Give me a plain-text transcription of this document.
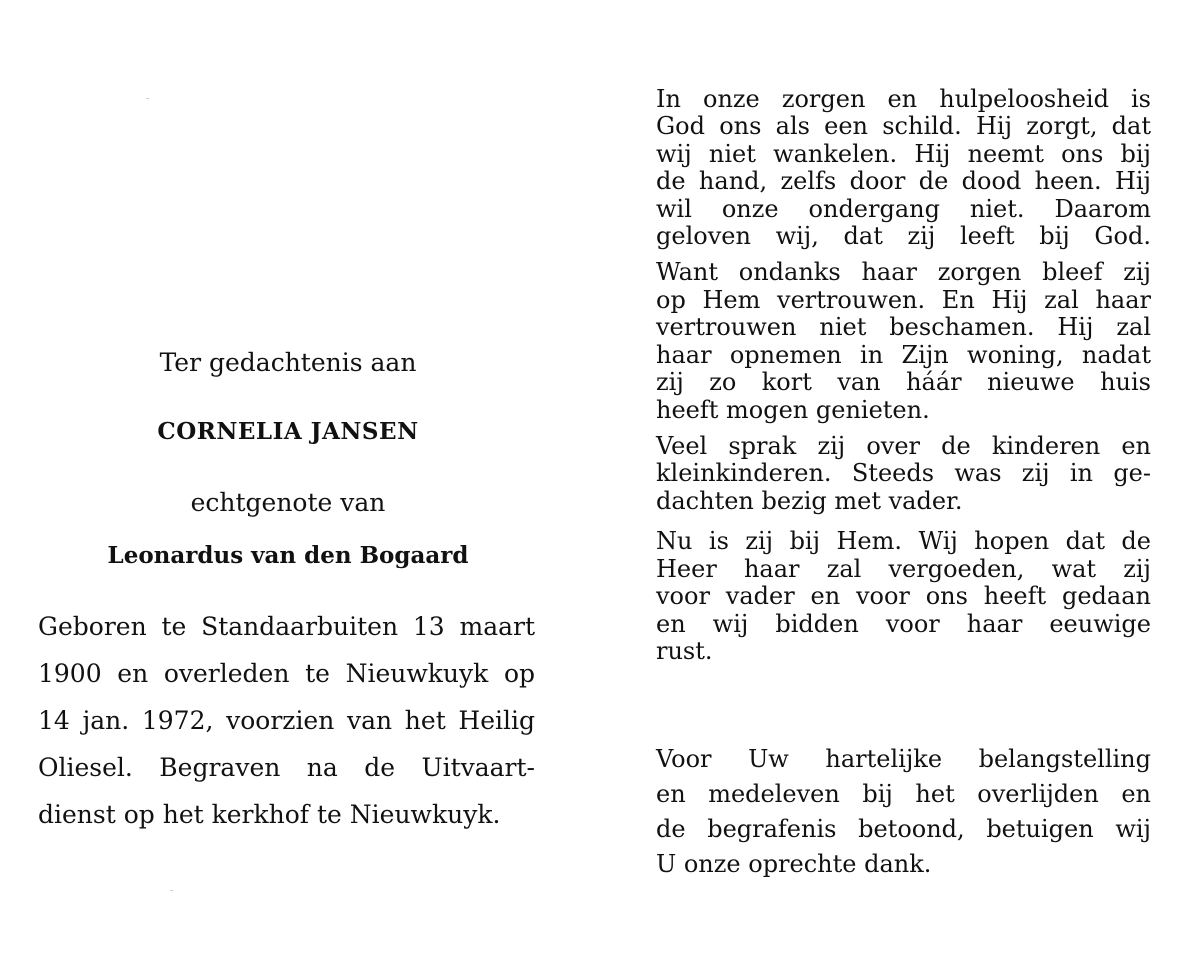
Ter gedachtenis aan
CORNELIA JANSEN
echtgenote van
Leonardus van den Bogaard
Geboren te Standaarbuiten 13 maart
1900 en overleden te Nieuwkuyk op
14 jan. 1972, voorzien van het Heilig
Oliesel. Begraven na de Uitvaart-
dienst op het kerkhof te Nieuwkuyk.
In onze zorgen en hulpeloosheid is
God ons als een schild. Hij zorgt, dat
wij niet wankelen. Hij neemt ons bij
de hand, zelfs door de dood heen. Hij
wil onze ondergang niet. Daarom
geloven wij, dat zij leeft bij God.
Want ondanks haar zorgen bleef zij
op Hem vertrouwen. En Hij zal haar
vertrouwen niet beschamen. Hij zal
haar opnemen in Zijn woning, nadat
zij zo kort van háár nieuwe huis
heeft mogen genieten.
Veel sprak zij over de kinderen en
kleinkinderen. Steeds was zij in ge-
dachten bezig met vader.
Nu is zij bij Hem. Wij hopen dat de
Heer haar zal vergoeden, wat zij
voor vader en voor ons heeft gedaan
en wij bidden voor haar eeuwige
rust.
Voor Uw hartelijke belangstelling
en medeleven bij het overlijden en
de begrafenis betoond, betuigen wij
U onze oprechte dank.
